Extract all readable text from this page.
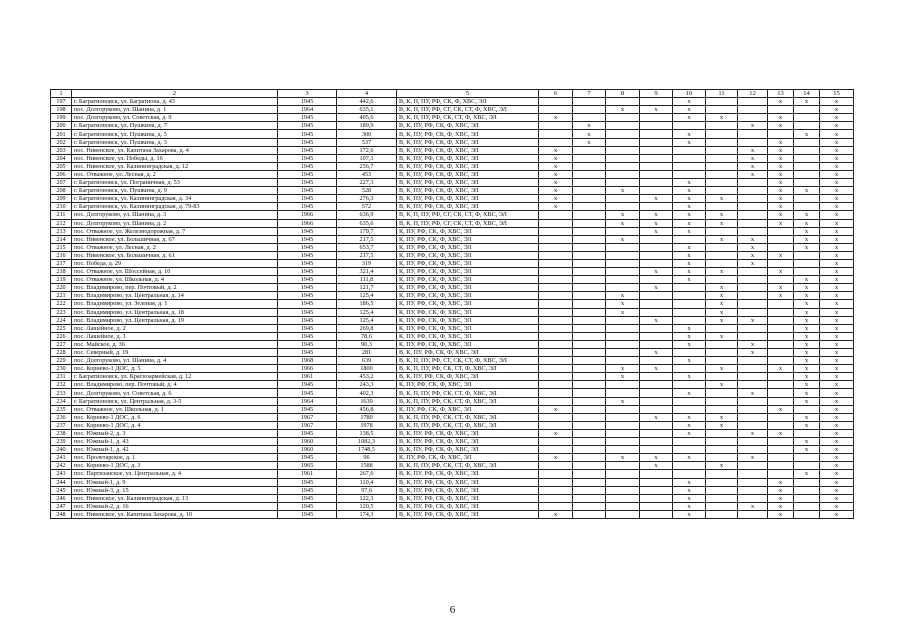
1	2	3	4	5	6	7	8	9	10	11	12	13	14	15
197	г. Багратионовск, ул. Багратиона, д. 43	1945	442,6	В, К, П, ПУ, РФ, СК, Ф, ХВС, ЭЛ					x			x	x	x
198	пос. Долгоруково, ул. Шанина, д. 1	1964	635,1	В, К, П, ПУ, РФ, СГ, СК, СТ, Ф, ХВС, ЭЛ			x	x	x					x
199	пос. Долгоруково, ул. Советская, д. 9	1945	405,6	В, К, П, ПУ, РФ, СК, СТ, Ф, ХВС, ЭЛ	x				x	x		x		x
200	г. Багратионовск, ул. Пушкина, д. 7	1945	189,9	В, К, ПУ, РФ, СК, Ф, ХВС, ЭЛ		x					x	x		x
201	г. Багратионовск, ул. Пушкина, д. 5	1945	300	В, К, ПУ, РФ, СК, Ф, ХВС, ЭЛ		x			x				x	x
202	г. Багратионовск, ул. Пушкина, д. 3	1945	537	В, К, ПУ, РФ, СК, Ф, ХВС, ЭЛ		x			x			x		x
203	пос. Нивенское, ул. Капитана Захарова, д. 4	1945	172,6	В, К, ПУ, РФ, СК, Ф, ХВС, ЭЛ	x						x	x		x
204	пос. Нивенское, ул. Победы, д. 16	1945	107,3	В, К, ПУ, РФ, СК, Ф, ХВС, ЭЛ	x						x	x		x
205	пос. Нивенское, ул. Калининградская, д. 12	1945	256,7	В, К, ПУ, РФ, СК, Ф, ХВС, ЭЛ	x						x	x		x
206	пос. Отважное, ул. Лесная, д. 2	1945	453	В, К, ПУ, РФ, СК, Ф, ХВС, ЭЛ	x						x	x		x
207	г. Багратионовск, ул. Пограничная, д. 53	1945	227,3	В, К, ПУ, РФ, СК, Ф, ХВС, ЭЛ	x				x			x		x
208	г. Багратионовск, ул. Пушкина, д. 9	1945	528	В, К, ПУ, РФ, СК, Ф, ХВС, ЭЛ	x		x		x			x	x	x
209	г. Багратионовск, ул. Калининградская, д. 34	1945	276,3	В, К, ПУ, РФ, СК, Ф, ХВС, ЭЛ	x			x	x	x		x		x
210	г. Багратионовск, ул. Калининградская, д. 79-83	1945	572	В, К, ПУ, РФ, СК, Ф, ХВС, ЭЛ	x				x			x		x
211	пос. Долгоруково, ул. Шанина, д. 3	1966	636,9	В, К, П, ПУ, РФ, СГ, СК, СТ, Ф, ХВС, ЭЛ			x	x	x	x		x	x	x
212	пос. Долгоруково, ул. Шанина, д. 2	1966	635,6	В, К, П, ПУ, РФ, СГ, СК, СТ, Ф, ХВС, ЭЛ			x	x	x	x		x	x	x
213	пос. Отважное, ул. Железнодорожная, д. 7	1945	179,7	К, ПУ, РФ, СК, Ф, ХВС, ЭЛ				x	x				x	x
214	пос. Нивенское, ул. Большичная, д. 67	1945	217,5	К, ПУ, РФ, СК, Ф, ХВС, ЭЛ			x			x	x		x	x
215	пос. Отважное, ул. Лесная, д. 2	1945	653,7	К, ПУ, РФ, СК, Ф, ХВС, ЭЛ					x		x		x	x
216	пос. Нивенское, ул. Большичная, д. 61	1945	217,5	К, ПУ, РФ, СК, Ф, ХВС, ЭЛ					x		x	x		x
217	пос. Победа, д. 29	1945	319	К, ПУ, РФ, СК, Ф, ХВС, ЭЛ					x		x			x
218	пос. Отважное, ул. Шоссейная, д. 10	1945	321,4	К, ПУ, РФ, СК, Ф, ХВС, ЭЛ				x	x	x		x		x
219	пос. Отважное, ул. Школьная, д. 4	1945	111,8	К, ПУ, РФ, СК, Ф, ХВС, ЭЛ					x				x	x
220	пос. Владимирово, пер. Почтовый, д. 2	1945	121,7	К, ПУ, РФ, СК, Ф, ХВС, ЭЛ				x		x		x	x	x
221	пос. Владимирово, ул. Центральная, д. 14	1945	125,4	К, ПУ, РФ, СК, Ф, ХВС, ЭЛ			x			x		x	x	x
222	пос. Владимирово, ул. Зеленая, д. 1	1945	186,5	К, ПУ, РФ, СК, Ф, ХВС, ЭЛ			x			x			x	x
223	пос. Владимирово, ул. Центральная, д. 18	1945	125,4	К, ПУ, РФ, СК, Ф, ХВС, ЭЛ			x			x			x	x
224	пос. Владимирово, ул. Центральная, д. 19	1945	125,4	К, ПУ, РФ, СК, Ф, ХВС, ЭЛ				x		x	x		x	x
225	пос. Лашейное, д. 2	1945	269,8	К, ПУ, РФ, СК, Ф, ХВС, ЭЛ					x				x	x
226	пос. Лашейное, д. 1	1945	78,6	К, ПУ, РФ, СК, Ф, ХВС, ЭЛ					x	x			x	x
227	пос. Майское, д. 36	1945	90,3	К, ПУ, РФ, СК, Ф, ХВС, ЭЛ					x		x		x	x
228	пос. Северный, д. 19	1945	281	В, К, ПУ, РФ, СК, Ф, ХВС, ЭЛ				x			x		x	x
229	пос. Долгоруково, ул. Шанина, д. 4	1968	639	В, К, П, ПУ, РФ, СГ, СК, СТ, Ф, ХВС, ЭЛ					x				x	x
230	пос. Корнево-1 ДОС, д. 5	1966	1800	В, К, П, ПУ, РФ, СК, СТ, Ф, ХВС, ЭЛ			x	x		x		x	x	x
231	г. Багратионовск, ул. Красноармейская, д. 12	1961	453,2	В, К, ПУ, РФ, СК, Ф, ХВС, ЭЛ			x		x				x	x
232	пос. Владимирово, пер. Почтовый, д. 4	1945	243,3	К, ПУ, РФ, СК, Ф, ХВС, ЭЛ						x			x	x
233	пос. Долгоруково, ул. Советская, д. 6	1945	402,3	В, К, П, ПУ, РФ, СК, СТ, Ф, ХВС, ЭЛ					x		x		x	x
234	г. Багратионовск, ул. Центральная, д. 3-5	1964	1630	В, К, П, ПУ, РФ, СК, СТ, Ф, ХВС, ЭЛ			x						x	x
235	пос. Отважное, ул. Школьная, д. 1	1945	456,8	К, ПУ, РФ, СК, Ф, ХВС, ЭЛ	x							x		x
236	пос. Корнево-1 ДОС, д. 6	1967	1780	В, К, П, ПУ, РФ, СК, СТ, Ф, ХВС, ЭЛ				x	x	x			x	x
237	пос. Корнево-1 ДОС, д. 4	1967	1978	В, К, П, ПУ, РФ, СК, СТ, Ф, ХВС, ЭЛ					x	x			x	x
238	пос. Южный-2, д. 3	1945	138,5	В, К, ПУ, РФ, СК, Ф, ХВС, ЭЛ	x				x		x	x		x
239	пос. Южный-1, д. 43	1960	1082,3	В, К, ПУ, РФ, СК, Ф, ХВС, ЭЛ									x	x
240	пос. Южный-1, д. 42	1960	1748,5	В, К, ПУ, РФ, СК, Ф, ХВС, ЭЛ									x	x
241	пос. Пролетарское, д. 1	1945	96	К, ПУ, РФ, СК, Ф, ХВС, ЭЛ	x		x	x	x		x			x
242	пос. Корнево-1 ДОС, д. 3	1965	1588	В, К, П, ПУ, РФ, СК, СТ, Ф, ХВС, ЭЛ				x		x				x
243	пос. Партизанское, ул. Центральная, д. 4	1961	267,6	В, К, ПУ, РФ, СК, Ф, ХВС, ЭЛ									x	x
244	пос. Южный-1, д. 9	1945	110,4	В, К, ПУ, РФ, СК, Ф, ХВС, ЭЛ					x			x		x
245	пос. Южный-3, д. 15	1945	97,6	В, К, ПУ, РФ, СК, Ф, ХВС, ЭЛ					x			x		x
246	пос. Нивенское, ул. Калининградская, д. 13	1945	122,3	В, К, ПУ, РФ, СК, Ф, ХВС, ЭЛ					x			x		x
247	пос. Южный-2, д. 16	1945	120,5	В, К, ПУ, РФ, СК, Ф, ХВС, ЭЛ					x		x	x		x
248	пос. Нивенское, ул. Капитана Захарова, д. 10	1945	174,3	В, К, ПУ, РФ, СК, Ф, ХВС, ЭЛ	x				x			x		x
6
